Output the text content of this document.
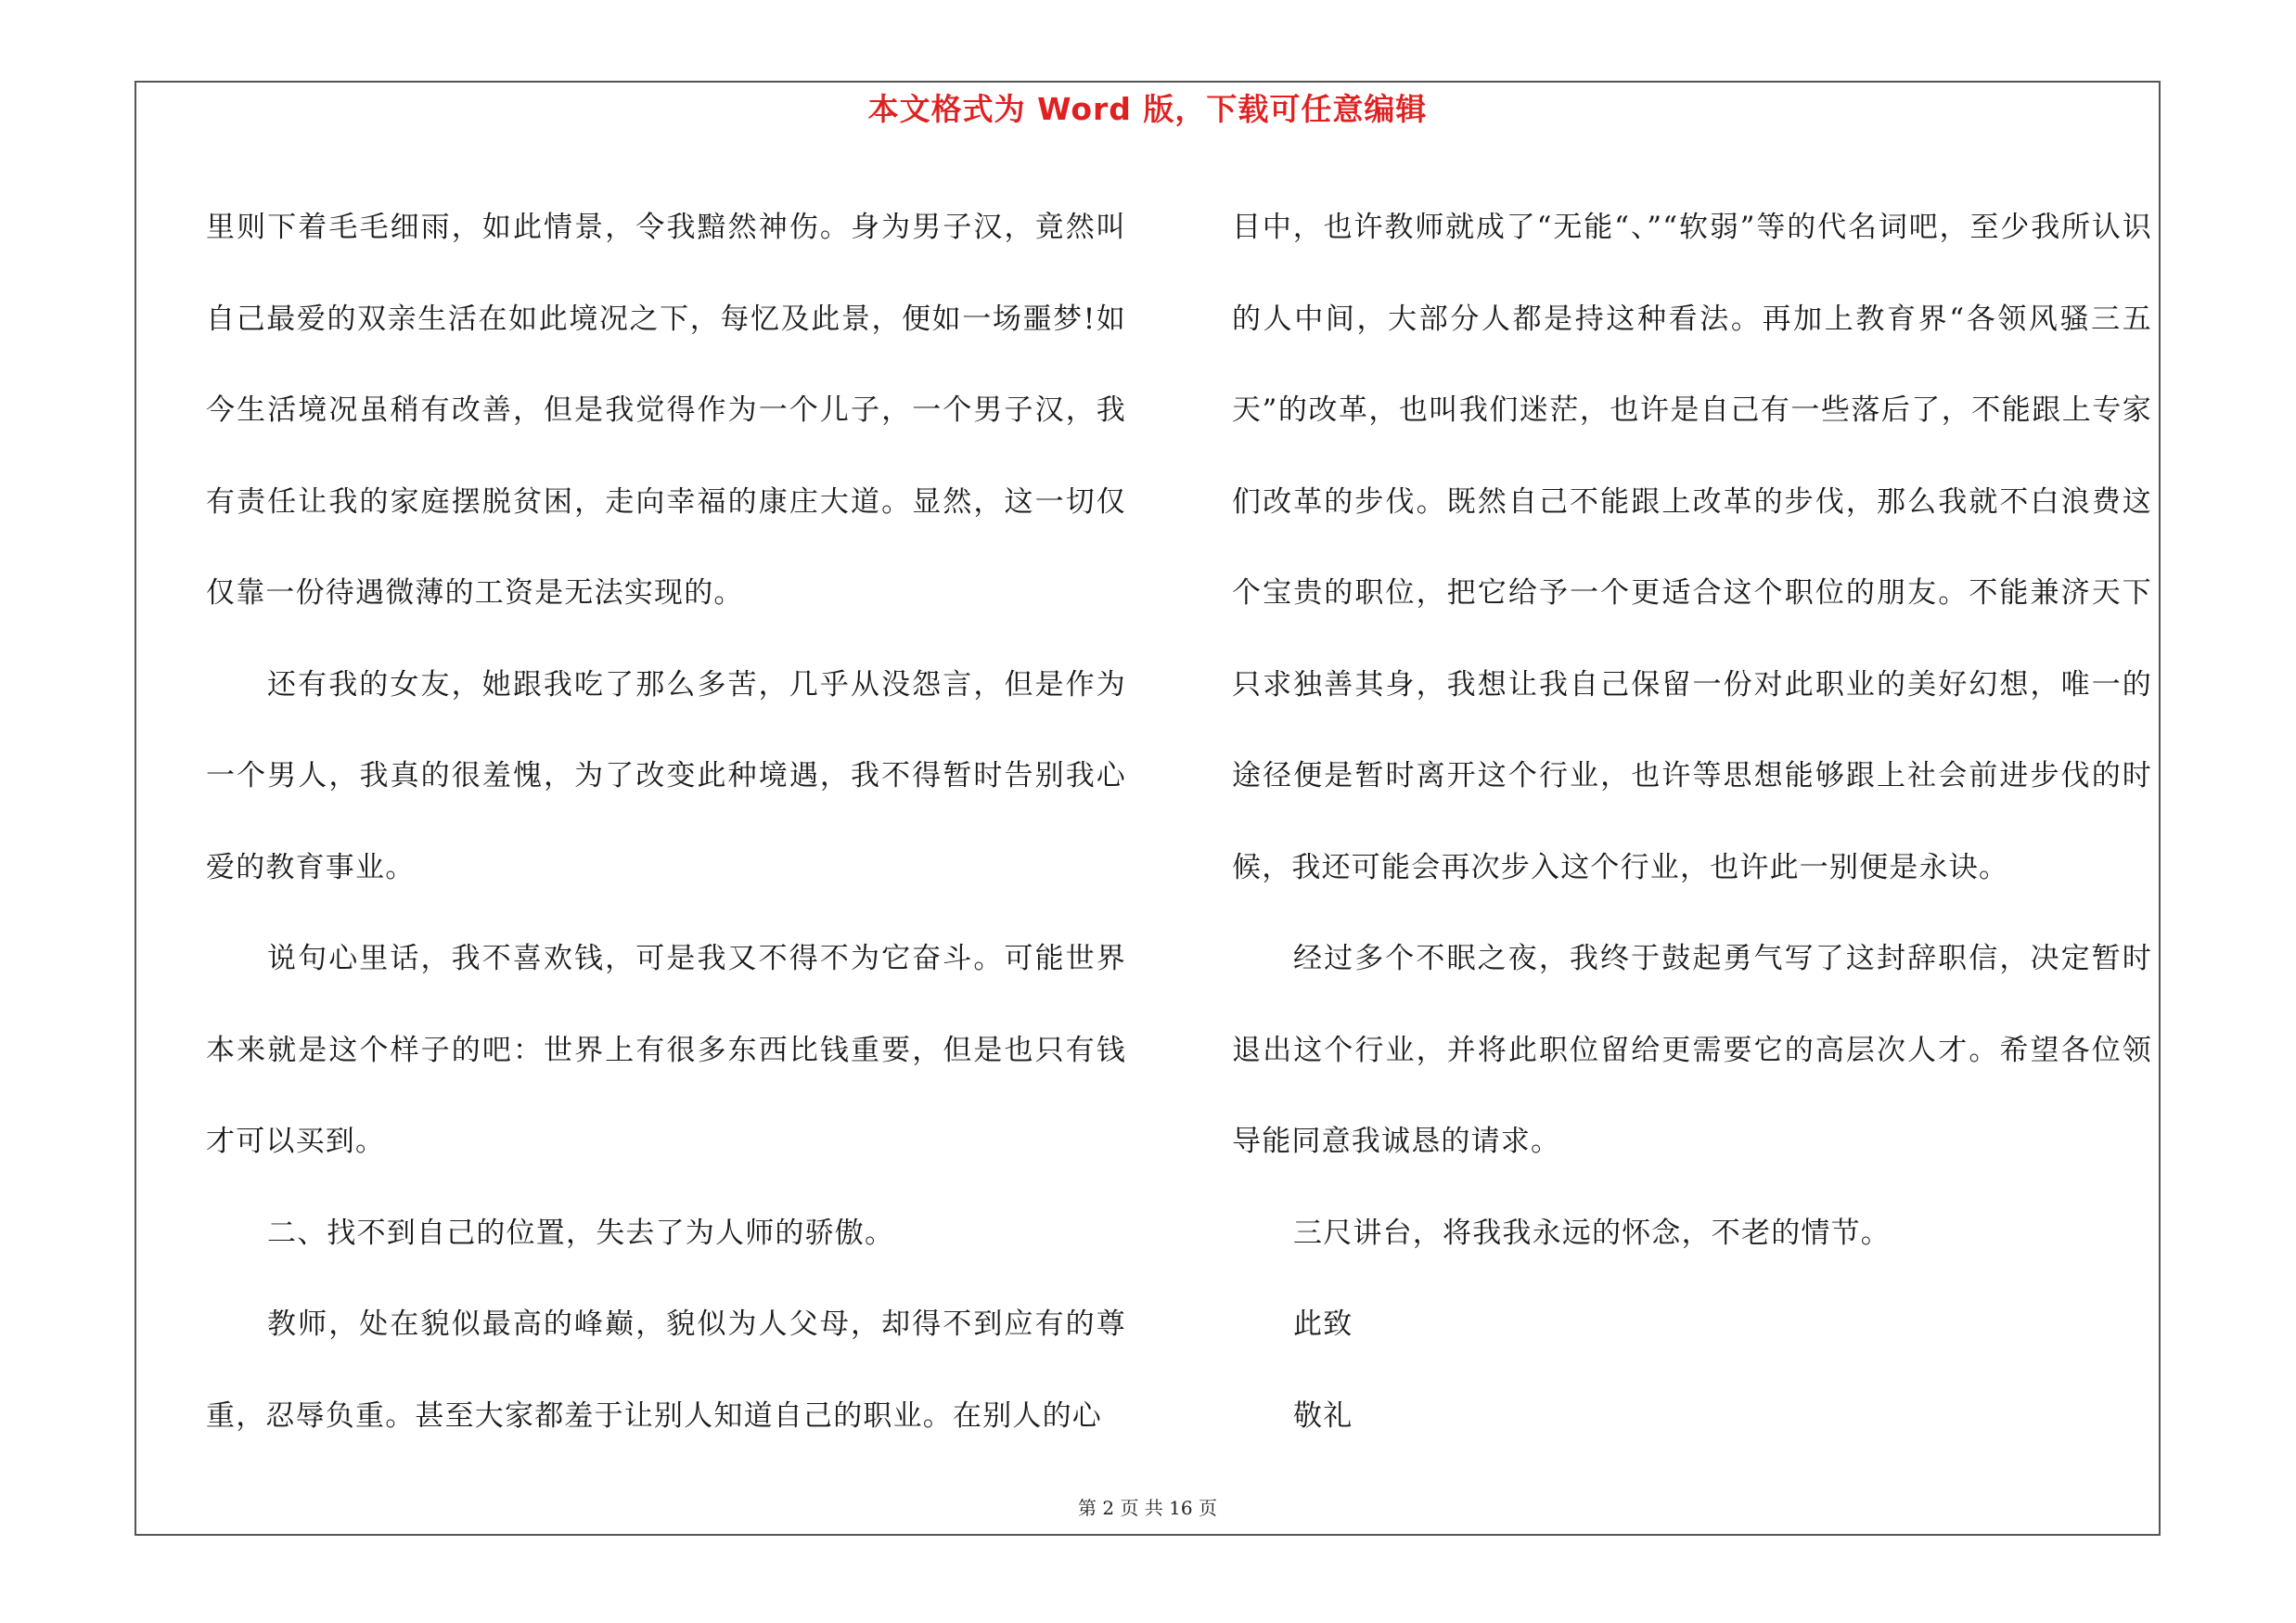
本文格式为 Word 版，下载可任意编辑

里则下着毛毛细雨，如此情景，令我黯然神伤。身为男子汉，竟然叫自己最爱的双亲生活在如此境况之下，每忆及此景，便如一场噩梦!如今生活境况虽稍有改善，但是我觉得作为一个儿子，一个男子汉，我有责任让我的家庭摆脱贫困，走向幸福的康庄大道。显然，这一切仅仅靠一份待遇微薄的工资是无法实现的。

还有我的女友，她跟我吃了那么多苦，几乎从没怨言，但是作为一个男人，我真的很羞愧，为了改变此种境遇，我不得暂时告别我心爱的教育事业。

说句心里话，我不喜欢钱，可是我又不得不为它奋斗。可能世界本来就是这个样子的吧：世界上有很多东西比钱重要，但是也只有钱才可以买到。

二、找不到自己的位置，失去了为人师的骄傲。

教师，处在貌似最高的峰巅，貌似为人父母，却得不到应有的尊重，忍辱负重。甚至大家都羞于让别人知道自己的职业。在别人的心

目中，也许教师就成了“无能“、”“软弱”等的代名词吧，至少我所认识的人中间，大部分人都是持这种看法。再加上教育界“各领风骚三五天”的改革，也叫我们迷茫，也许是自己有一些落后了，不能跟上专家们改革的步伐。既然自己不能跟上改革的步伐，那么我就不白浪费这个宝贵的职位，把它给予一个更适合这个职位的朋友。不能兼济天下只求独善其身，我想让我自己保留一份对此职业的美好幻想，唯一的途径便是暂时离开这个行业，也许等思想能够跟上社会前进步伐的时候，我还可能会再次步入这个行业，也许此一别便是永诀。

经过多个不眠之夜，我终于鼓起勇气写了这封辞职信，决定暂时退出这个行业，并将此职位留给更需要它的高层次人才。希望各位领导能同意我诚恳的请求。

三尺讲台，将我我永远的怀念，不老的情节。

此致

敬礼

第 2 页 共 16 页
